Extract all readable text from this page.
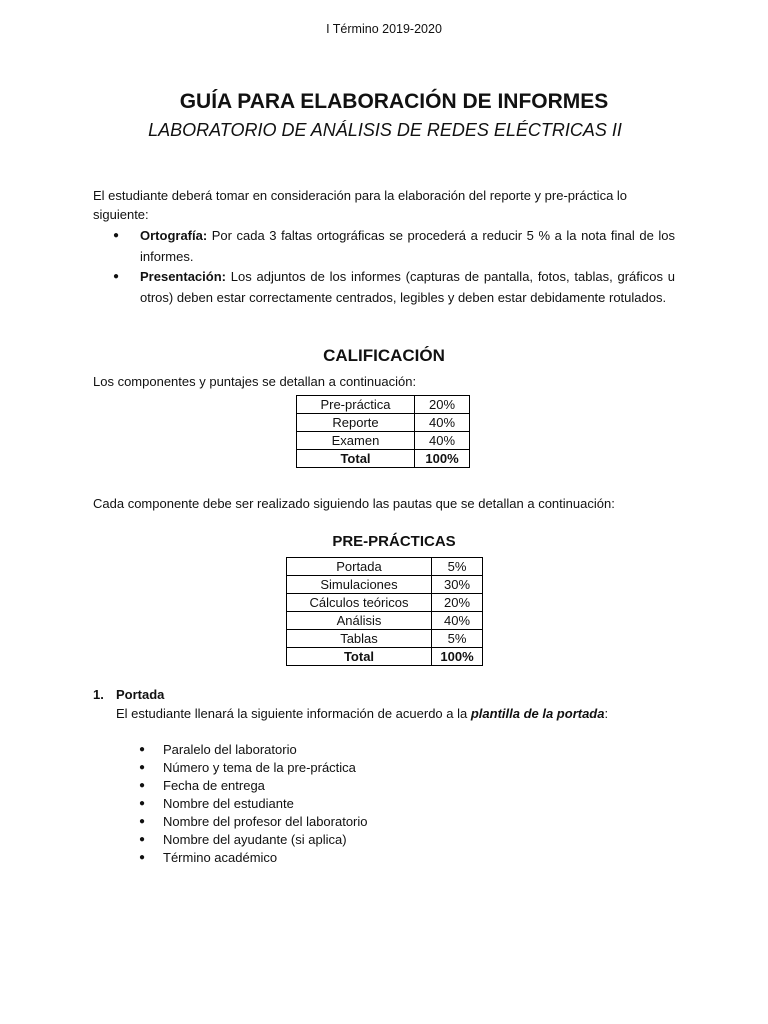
I Término 2019-2020
GUÍA PARA ELABORACIÓN DE INFORMES
LABORATORIO DE ANÁLISIS DE REDES ELÉCTRICAS II
El estudiante deberá tomar en consideración para la elaboración del reporte y pre-práctica lo siguiente:
● Ortografía: Por cada 3 faltas ortográficas se procederá a reducir 5 % a la nota final de los informes.
● Presentación: Los adjuntos de los informes (capturas de pantalla, fotos, tablas, gráficos u otros) deben estar correctamente centrados, legibles y deben estar debidamente rotulados.
CALIFICACIÓN
Los componentes y puntajes se detallan a continuación:
Pre-práctica	20%
Reporte	40%
Examen	40%
Total	100%
Cada componente debe ser realizado siguiendo las pautas que se detallan a continuación:
PRE-PRÁCTICAS
Portada	5%
Simulaciones	30%
Cálculos teóricos	20%
Análisis	40%
Tablas	5%
Total	100%
1. Portada
El estudiante llenará la siguiente información de acuerdo a la plantilla de la portada:
● Paralelo del laboratorio
● Número y tema de la pre-práctica
● Fecha de entrega
● Nombre del estudiante
● Nombre del profesor del laboratorio
● Nombre del ayudante (si aplica)
● Término académico
